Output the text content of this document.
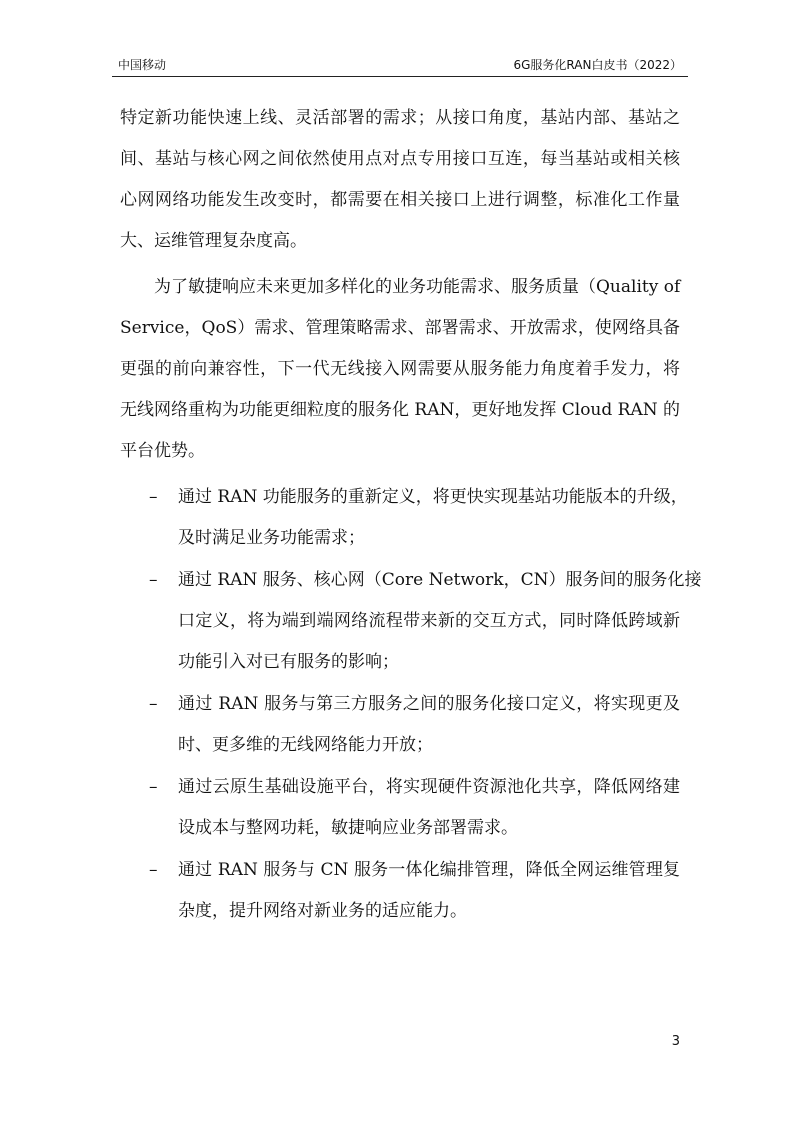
中国移动	6G服务化RAN白皮书（2022）
特定新功能快速上线、灵活部署的需求；从接口角度，基站内部、基站之
间、基站与核心网之间依然使用点对点专用接口互连，每当基站或相关核
心网网络功能发生改变时，都需要在相关接口上进行调整，标准化工作量
大、运维管理复杂度高。
为了敏捷响应未来更加多样化的业务功能需求、服务质量（Quality of
Service，QoS）需求、管理策略需求、部署需求、开放需求，使网络具备
更强的前向兼容性，下一代无线接入网需要从服务能力角度着手发力，将
无线网络重构为功能更细粒度的服务化 RAN，更好地发挥 Cloud RAN 的
平台优势。
– 通过 RAN 功能服务的重新定义，将更快实现基站功能版本的升级，
及时满足业务功能需求；
– 通过 RAN 服务、核心网（Core Network，CN）服务间的服务化接
口定义，将为端到端网络流程带来新的交互方式，同时降低跨域新
功能引入对已有服务的影响；
– 通过 RAN 服务与第三方服务之间的服务化接口定义，将实现更及
时、更多维的无线网络能力开放；
– 通过云原生基础设施平台，将实现硬件资源池化共享，降低网络建
设成本与整网功耗，敏捷响应业务部署需求。
– 通过 RAN 服务与 CN 服务一体化编排管理，降低全网运维管理复
杂度，提升网络对新业务的适应能力。
3
